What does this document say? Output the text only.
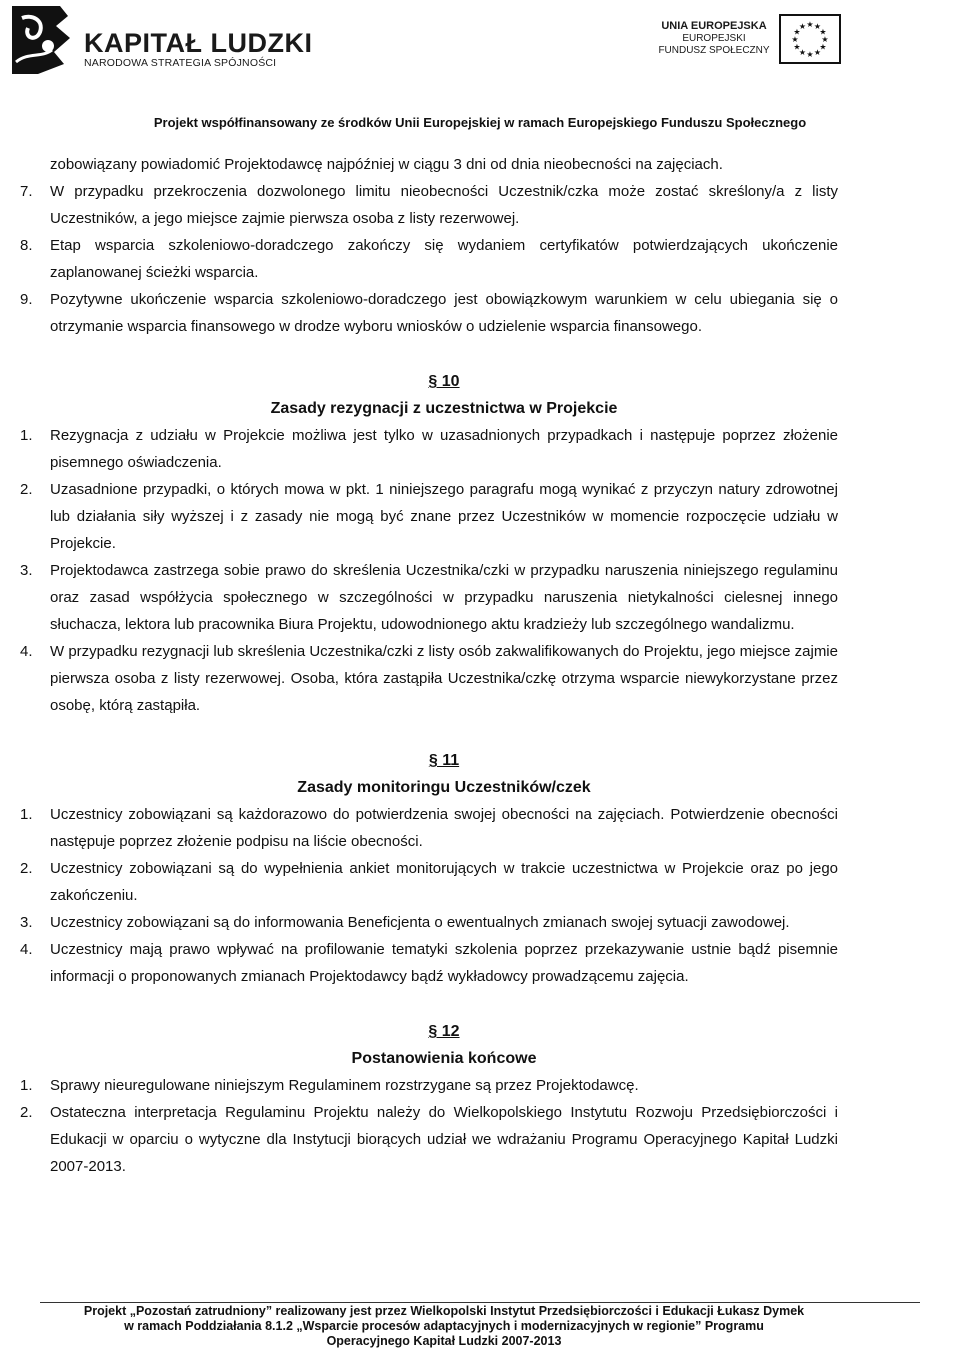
KAPITAŁ LUDZKI
NARODOWA STRATEGIA SPÓJNOŚCI
UNIA EUROPEJSKA
EUROPEJSKI
FUNDUSZ SPOŁECZNY
★
★
★
★
★
★
★
★
★ ★ ★
★
Projekt współfinansowany ze środków Unii Europejskiej w ramach Europejskiego Funduszu Społecznego
zobowiązany powiadomić Projektodawcę najpóźniej w ciągu 3 dni od dnia nieobecności na zajęciach.
7.	W przypadku przekroczenia dozwolonego limitu nieobecności Uczestnik/czka może zostać skreślony/a z listy Uczestników, a jego miejsce zajmie pierwsza osoba z listy rezerwowej.
8.	Etap wsparcia szkoleniowo-doradczego zakończy się wydaniem certyfikatów potwierdzających ukończenie zaplanowanej ścieżki wsparcia.
9.	Pozytywne ukończenie wsparcia szkoleniowo-doradczego jest obowiązkowym warunkiem w celu ubiegania się o otrzymanie wsparcia finansowego w drodze wyboru wniosków o udzielenie wsparcia finansowego.
§ 10
Zasady rezygnacji z uczestnictwa w Projekcie
1.	Rezygnacja z udziału w Projekcie możliwa jest tylko w uzasadnionych przypadkach i następuje poprzez złożenie pisemnego oświadczenia.
2.	Uzasadnione przypadki, o których mowa w pkt. 1 niniejszego paragrafu mogą wynikać z przyczyn natury zdrowotnej lub działania siły wyższej i z zasady nie mogą być znane przez Uczestników w momencie rozpoczęcie udziału w Projekcie.
3.	Projektodawca zastrzega sobie prawo do skreślenia Uczestnika/czki w przypadku naruszenia niniejszego regulaminu oraz zasad współżycia społecznego w szczególności w przypadku naruszenia nietykalności cielesnej innego słuchacza, lektora lub pracownika Biura Projektu, udowodnionego aktu kradzieży lub szczególnego wandalizmu.
4.	W przypadku rezygnacji lub skreślenia Uczestnika/czki z listy osób zakwalifikowanych do Projektu, jego miejsce zajmie pierwsza osoba z listy rezerwowej. Osoba, która zastąpiła Uczestnika/czkę otrzyma wsparcie niewykorzystane przez osobę, którą zastąpiła.
§ 11
Zasady monitoringu Uczestników/czek
1.	Uczestnicy zobowiązani są każdorazowo do potwierdzenia swojej obecności na zajęciach. Potwierdzenie obecności następuje poprzez złożenie podpisu na liście obecności.
2.	Uczestnicy zobowiązani są do wypełnienia ankiet monitorujących w trakcie uczestnictwa w Projekcie oraz po jego zakończeniu.
3.	Uczestnicy zobowiązani są do informowania Beneficjenta o ewentualnych zmianach swojej sytuacji zawodowej.
4.	Uczestnicy mają prawo wpływać na profilowanie tematyki szkolenia poprzez przekazywanie ustnie bądź pisemnie informacji o proponowanych zmianach Projektodawcy bądź wykładowcy prowadzącemu zajęcia.
§ 12
Postanowienia końcowe
1.	Sprawy nieuregulowane niniejszym Regulaminem rozstrzygane są przez Projektodawcę.
2.	Ostateczna interpretacja Regulaminu Projektu należy do Wielkopolskiego Instytutu Rozwoju Przedsiębiorczości i Edukacji w oparciu o wytyczne dla Instytucji biorących udział we wdrażaniu Programu Operacyjnego Kapitał Ludzki 2007-2013.
Projekt „Pozostań zatrudniony” realizowany jest przez Wielkopolski Instytut Przedsiębiorczości i Edukacji Łukasz Dymek
w ramach Poddziałania 8.1.2 „Wsparcie procesów adaptacyjnych i modernizacyjnych w regionie” Programu
Operacyjnego Kapitał Ludzki 2007-2013
